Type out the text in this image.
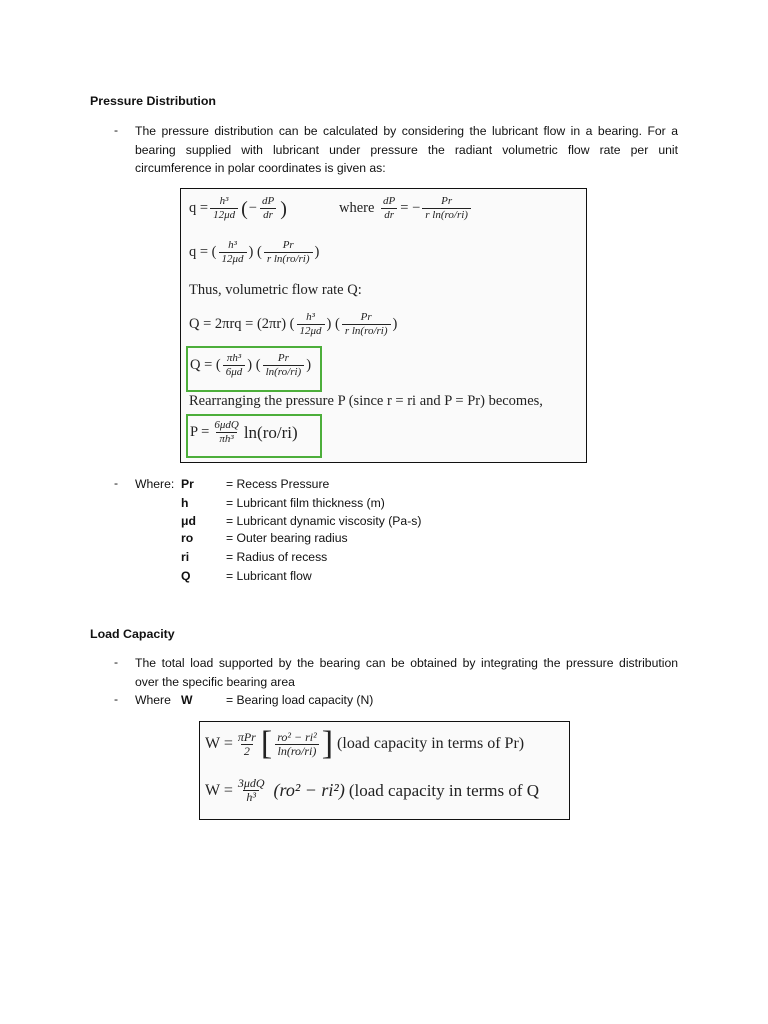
Pressure Distribution
- The pressure distribution can be calculated by considering the lubricant flow in a bearing. For a
bearing supplied with lubricant under pressure the radiant volumetric flow rate per unit
circumference in polar coordinates is given as:
$q = \frac{\text{h³}}{12\mu d}$ ( − $\frac{dP}{dr}$ )	where
$\frac{dP}{dr}$ = − $\frac{Pr}{\text{r ln(ro/ri)}}$
q = ( $\frac{\text{h³}}{12\mu d}$ ) ( $\frac{Pr}{\text{r ln(ro/ri)}}$ )
Thus, volumetric flow rate Q:
Q = 2πrq = (2πr) ( $\frac{\text{h³}}{12\mu d}$ ) ( $\frac{Pr}{\text{r ln(ro/ri)}}$ )
Q = ( $\frac{\text{πh³}}{6\mu d}$ ) ( $\frac{Pr}{\ln(ro/ri)}$ )
Rearranging the pressure P (since r = ri and P = Pr) becomes,
$P = \frac{\text{6μdQ}}{\text{πh³}} \ln(ro/ri)$
- Where: Pr	= Recess Pressure
h	= Lubricant film thickness (m)
μd = Lubricant dynamic viscosity (Pa-s)
ro	= Outer bearing radius
ri	= Radius of recess
Q	= Lubricant flow
Load Capacity
- The total load supported by the bearing can be obtained by integrating the pressure distribution
over the specific bearing area
- Where W	= Bearing load capacity (N)
$W = \frac{\text{πPr}}{2}$ [ $\frac{\text{ro² − ri²}}{\ln(ro/ri)}$ ]
(load capacity in terms of Pr)
$W = \frac{\text{3μdQ}}{\text{h³}}$
(ro² − ri²)
(load capacity in terms of Q
